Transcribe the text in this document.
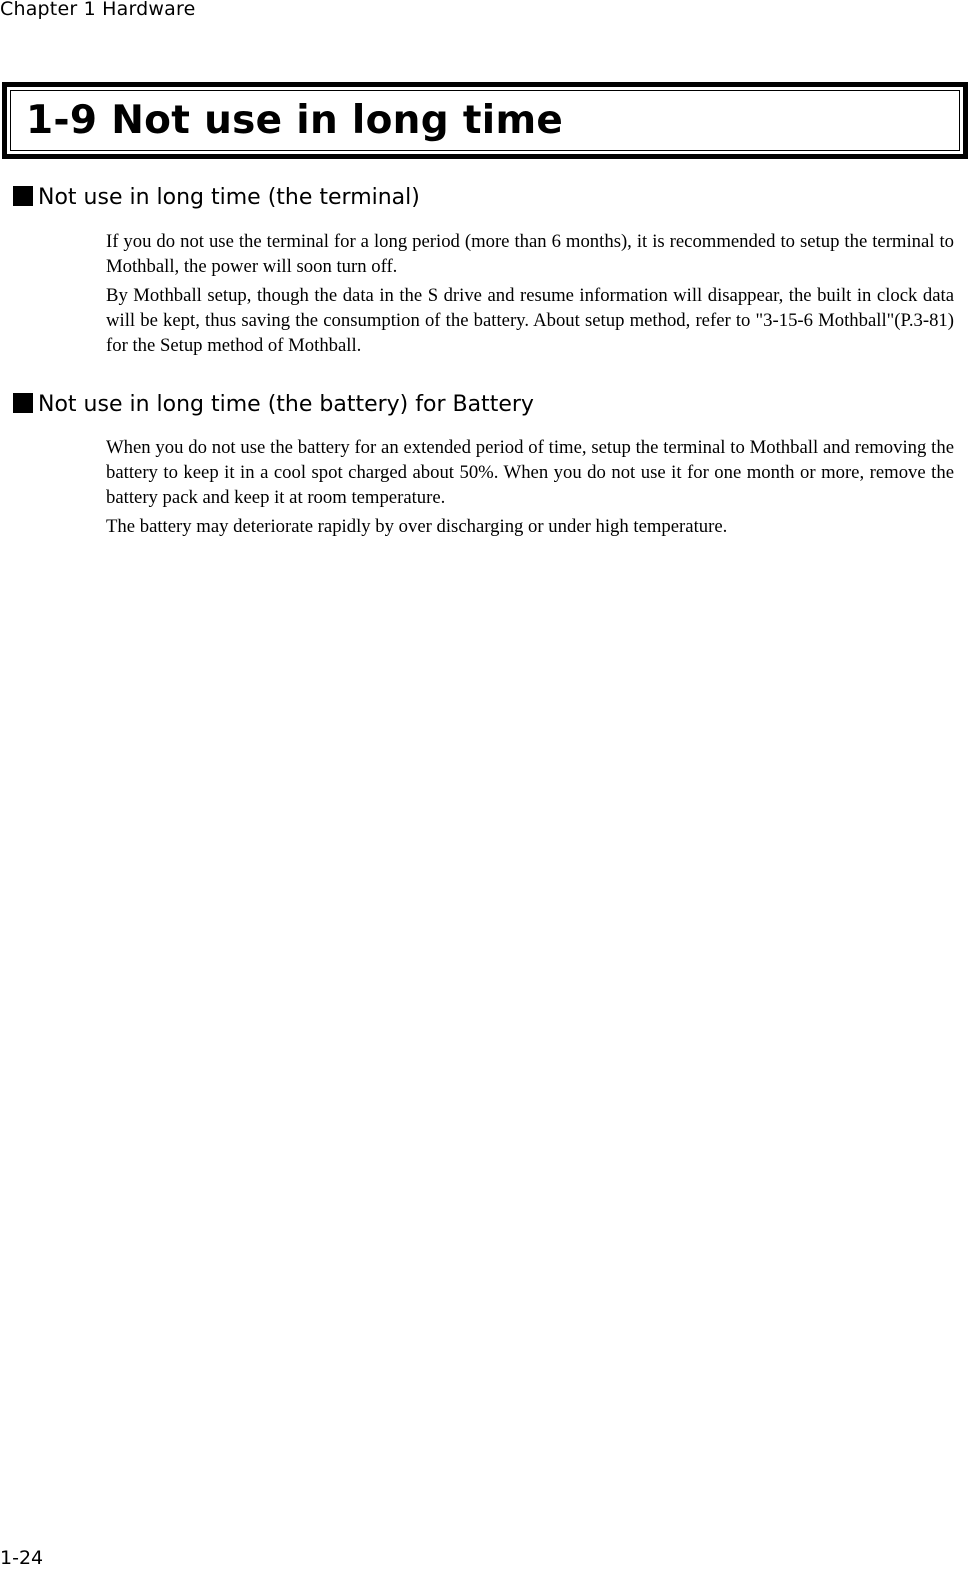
Chapter 1 Hardware
1-9 Not use in long time
Not use in long time (the terminal)

If you do not use the terminal for a long period (more than 6 months), it is recommended to setup the terminal to Mothball, the power will soon turn off.

By Mothball setup, though the data in the S drive and resume information will disappear, the built in clock data will be kept, thus saving the consumption of the battery. About setup method, refer to "3-15-6 Mothball"(P.3-81) for the Setup method of Mothball.

Not use in long time (the battery) for Battery

When you do not use the battery for an extended period of time, setup the terminal to Mothball and removing the battery to keep it in a cool spot charged about 50%. When you do not use it for one month or more, remove the battery pack and keep it at room temperature.

The battery may deteriorate rapidly by over discharging or under high temperature.

1-24
